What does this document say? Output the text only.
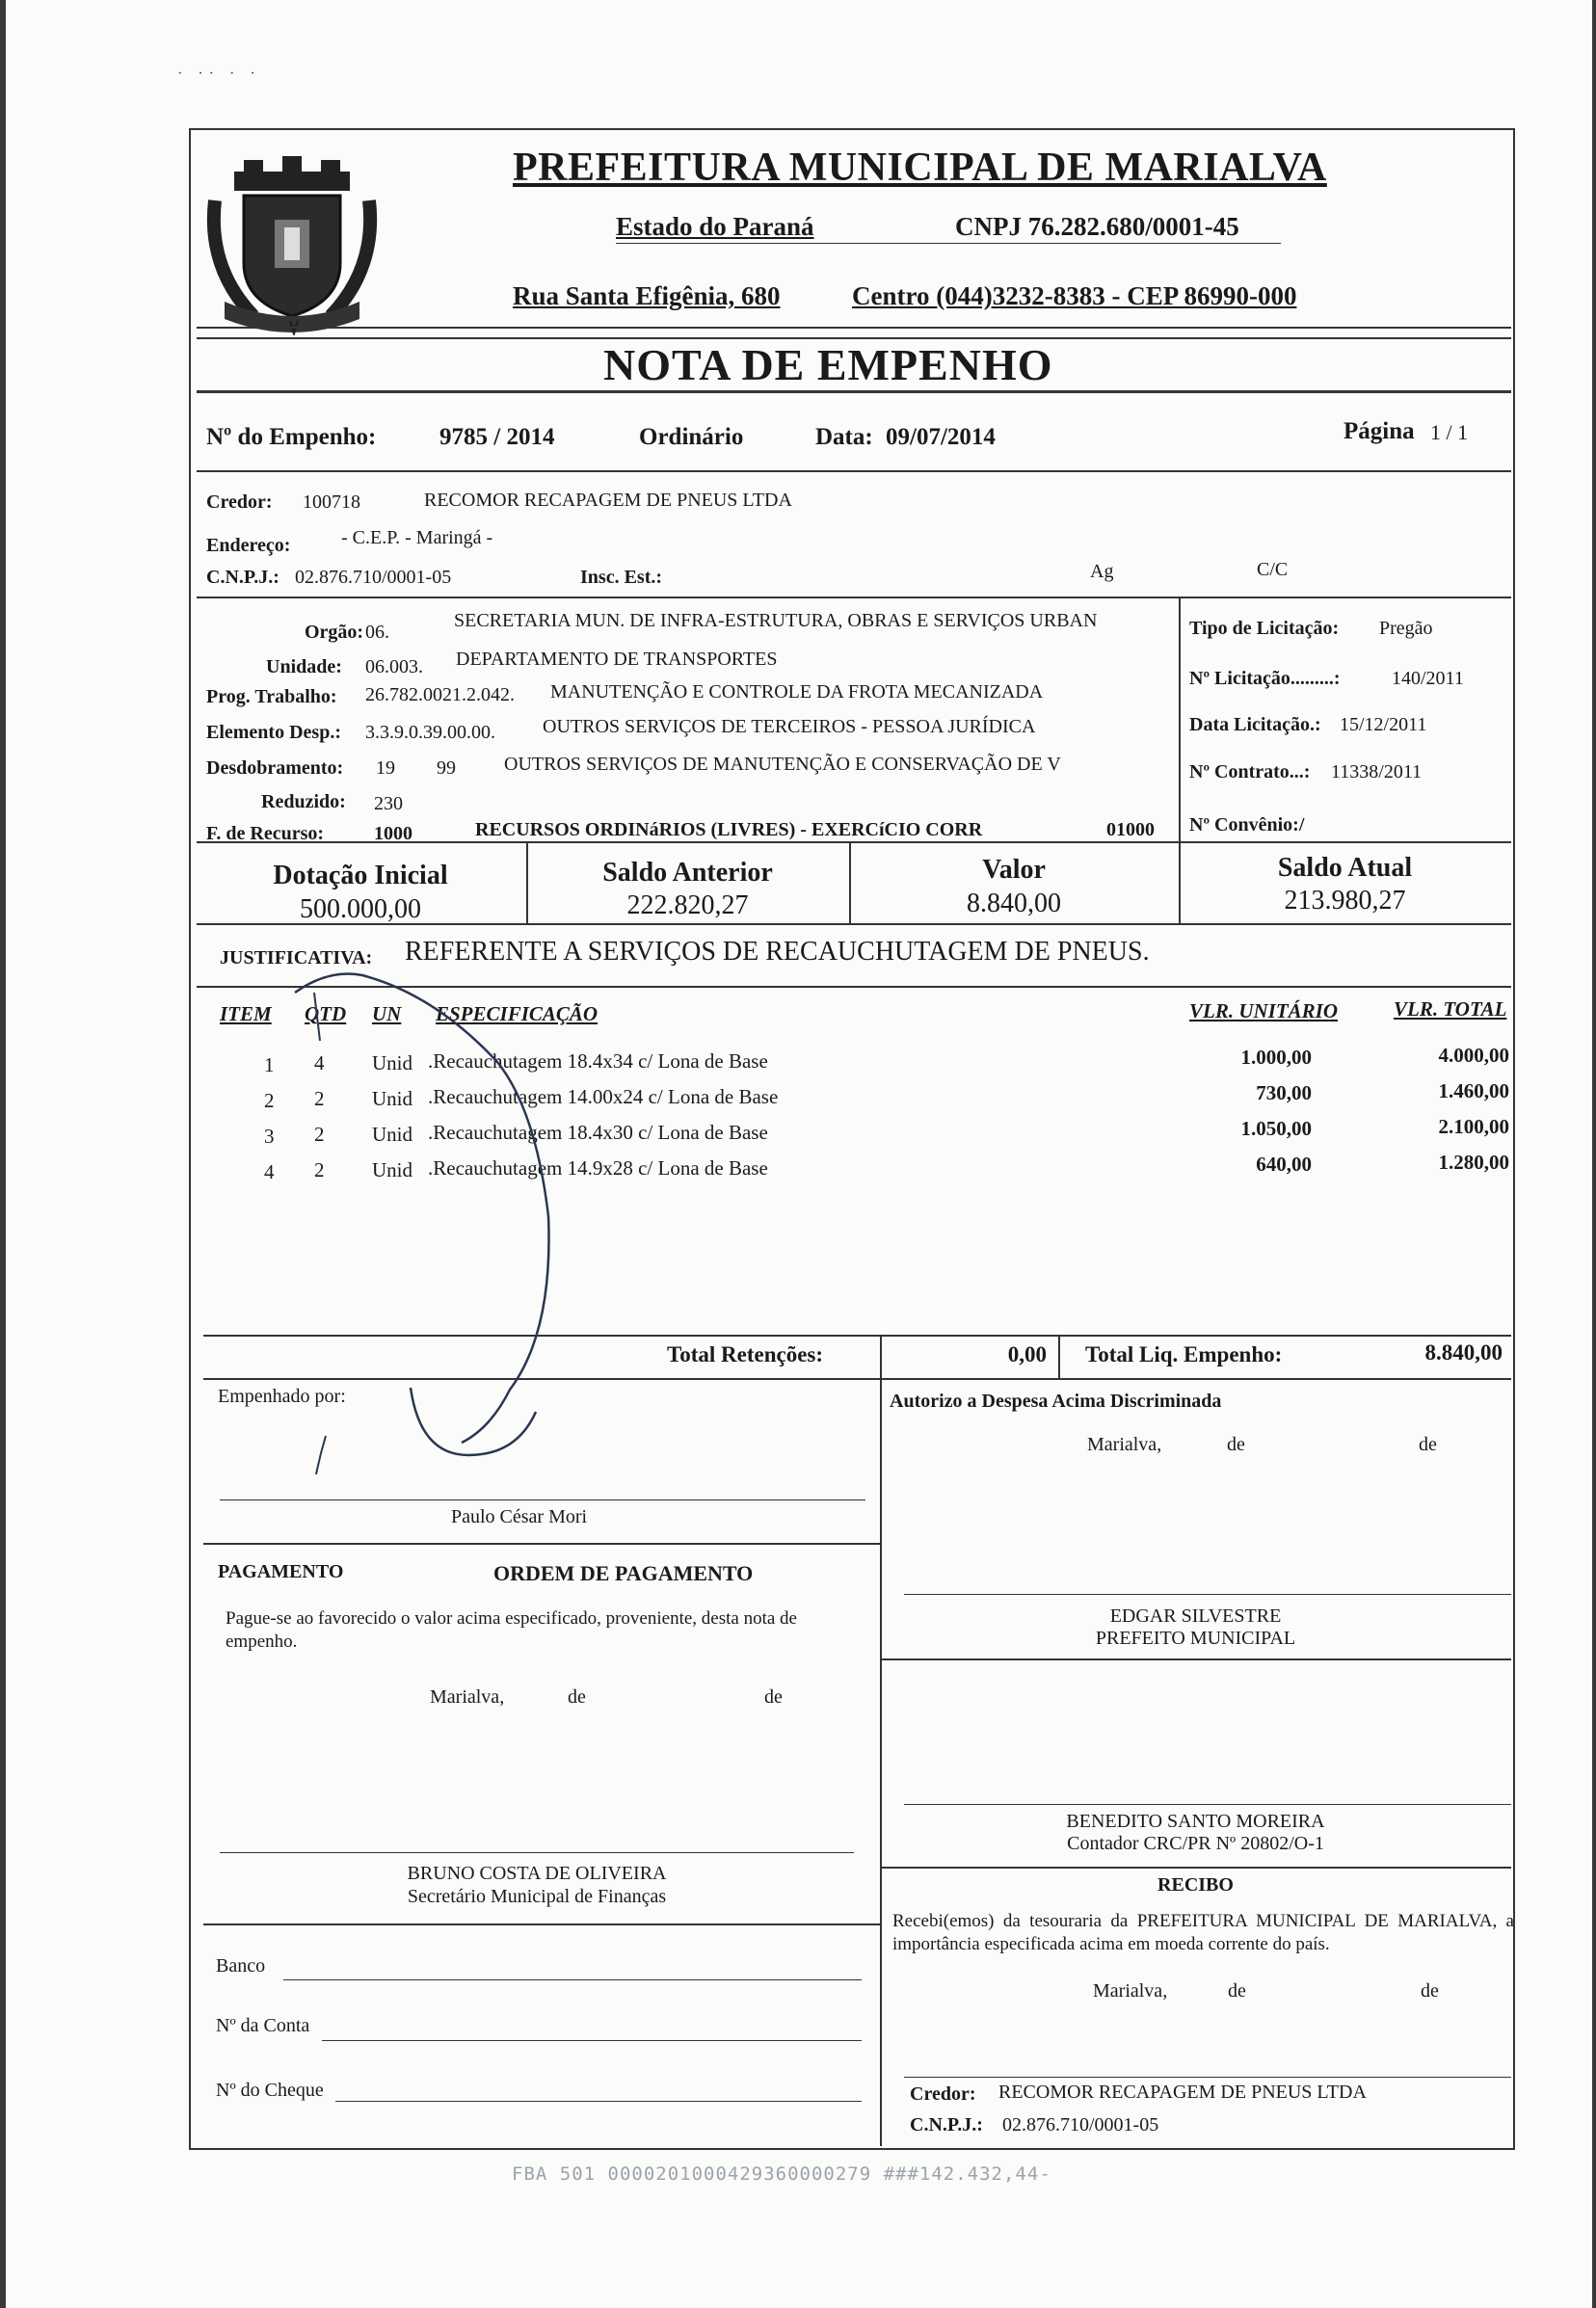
· ·· · ·
PREFEITURA MUNICIPAL DE MARIALVA
Estado do Paraná	CNPJ 76.282.680/0001-45
Rua Santa Efigênia, 680	Centro (044)3232-8383 - CEP 86990-000
NOTA DE EMPENHO
Nº do Empenho:	9785 / 2014	Ordinário	Data: 09/07/2014	Página 1 / 1
Credor: 100718	RECOMOR RECAPAGEM DE PNEUS LTDA
Endereço:	- C.E.P. - Maringá -
C.N.P.J.: 02.876.710/0001-05	Insc. Est.:	Ag	C/C
Orgão: 06.
SECRETARIA MUN. DE INFRA-ESTRUTURA, OBRAS E SERVIÇOS URBAN
Unidade: 06.003. DEPARTAMENTO DE TRANSPORTES
Prog. Trabalho: 26.782.0021.2.042. MANUTENÇÃO E CONTROLE DA FROTA MECANIZADA
Elemento Desp.: 3.3.9.0.39.00.00. OUTROS SERVIÇOS DE TERCEIROS - PESSOA JURÍDICA
Desdobramento: 19 99	OUTROS SERVIÇOS DE MANUTENÇÃO E CONSERVAÇÃO DE V
Reduzido: 230
F. de Recurso:	1000	RECURSOS ORDINáRIOS (LIVRES) - EXERCíCIO CORR	01000
Tipo de Licitação: Pregão
Nº Licitação.........:	140/2011
Data Licitação.: 15/12/2011
Nº Contrato...: 11338/2011
Nº Convênio:/
Dotação Inicial
500.000,00
Saldo Anterior
222.820,27
Valor
8.840,00
Saldo Atual
213.980,27
JUSTIFICATIVA: REFERENTE A SERVIÇOS DE RECAUCHUTAGEM DE PNEUS.
ITEM QTD UN ESPECIFICAÇÃO	VLR. UNITÁRIO	VLR. TOTAL
1 4 Unid .Recauchutagem 18.4x34 c/ Lona de Base	1.000,00	4.000,00
2 2 Unid .Recauchutagem 14.00x24 c/ Lona de Base	730,00	1.460,00
3 2 Unid .Recauchutagem 18.4x30 c/ Lona de Base	1.050,00	2.100,00
4 2 Unid .Recauchutagem 14.9x28 c/ Lona de Base	640,00	1.280,00
Total Retenções:	0,00 Total Liq. Empenho:	8.840,00
Empenhado por:
Paulo César Mori
PAGAMENTO	ORDEM DE PAGAMENTO
Pague-se ao favorecido o valor acima especificado, proveniente, desta nota de empenho.
Marialva,	de	de
BRUNO COSTA DE OLIVEIRA
Secretário Municipal de Finanças
Banco
Nº da Conta
Nº do Cheque
Autorizo a Despesa Acima Discriminada
Marialva,	de	de
EDGAR SILVESTRE
PREFEITO MUNICIPAL
BENEDITO SANTO MOREIRA
Contador CRC/PR Nº 20802/O-1
RECIBO
Recebi(emos) da tesouraria da PREFEITURA MUNICIPAL DE MARIALVA, a importância especificada acima em moeda corrente do país.
Marialva,	de	de
Credor: RECOMOR RECAPAGEM DE PNEUS LTDA
C.N.P.J.: 02.876.710/0001-05
FBA 501 0000201000429360000279 ###142.432,44-
